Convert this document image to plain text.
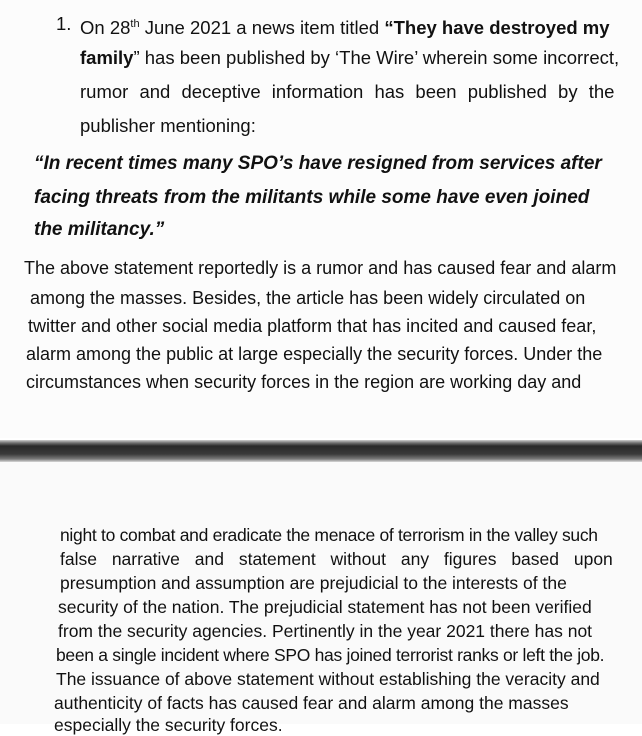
1. On 28th June 2021 a news item titled “They have destroyed my
family” has been published by ‘The Wire’ wherein some incorrect,
rumor and deceptive information has been published by the
publisher mentioning:
“In recent times many SPO’s have resigned from services after
facing threats from the militants while some have even joined
the militancy.”
The above statement reportedly is a rumor and has caused fear and alarm
among the masses. Besides, the article has been widely circulated on
twitter and other social media platform that has incited and caused fear,
alarm among the public at large especially the security forces. Under the
circumstances when security forces in the region are working day and
night to combat and eradicate the menace of terrorism in the valley such
false narrative and statement without any figures based upon
presumption and assumption are prejudicial to the interests of the
security of the nation. The prejudicial statement has not been verified
from the security agencies. Pertinently in the year 2021 there has not
been a single incident where SPO has joined terrorist ranks or left the job.
The issuance of above statement without establishing the veracity and
authenticity of facts has caused fear and alarm among the masses
especially the security forces.
